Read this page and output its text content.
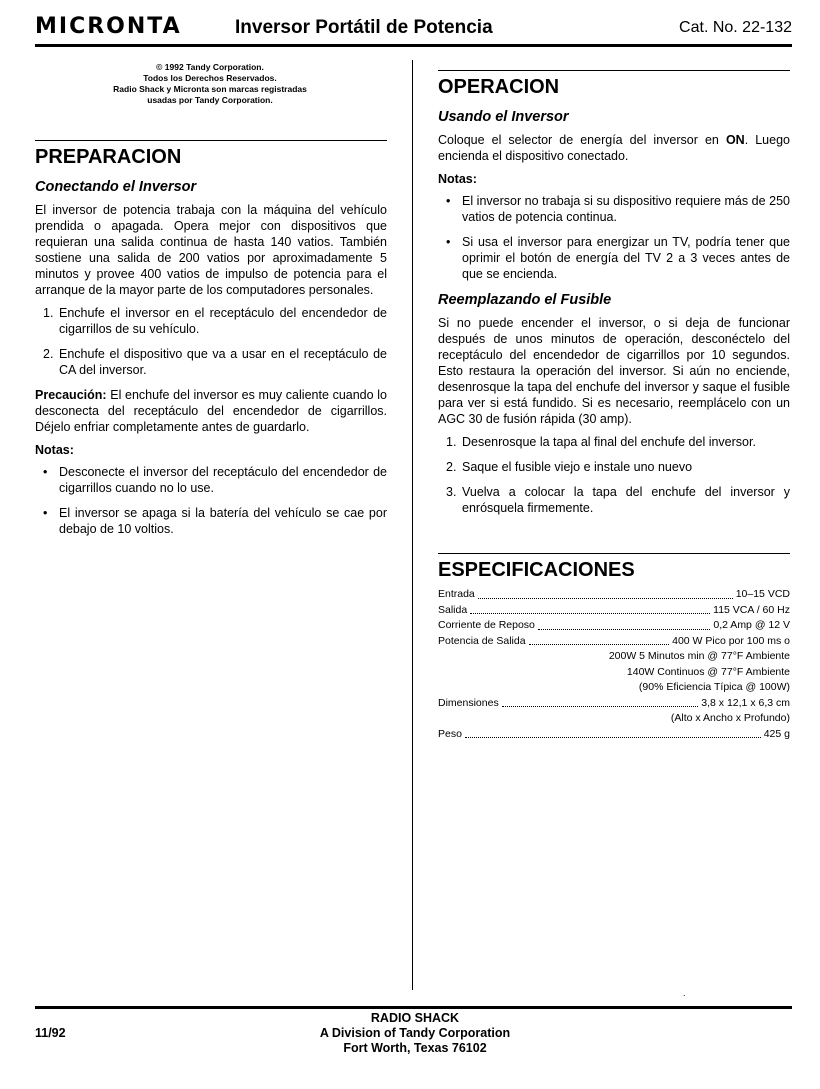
MICRONTA	Inversor Portátil de Potencia	Cat. No. 22-132
© 1992 Tandy Corporation.
Todos los Derechos Reservados.
Radio Shack y Micronta son marcas registradas
usadas por Tandy Corporation.
PREPARACION
Conectando el Inversor

El inversor de potencia trabaja con la máquina del vehículo prendida o apagada. Opera mejor con dispositivos que requieran una salida continua de hasta 140 vatios. También sostiene una salida de 200 vatios por aproximadamente 5 minutos y provee 400 vatios de impulso de potencia para el arranque de la mayor parte de los computadores personales.

1. Enchufe el inversor en el receptáculo del encendedor de cigarrillos de su vehículo.
2. Enchufe el dispositivo que va a usar en el receptáculo de CA del inversor.

Precaución: El enchufe del inversor es muy caliente cuando lo desconecta del receptáculo del encendedor de cigarrillos. Déjelo enfriar completamente antes de guardarlo.

Notas:
• Desconecte el inversor del receptáculo del encendedor de cigarrillos cuando no lo use.
• El inversor se apaga si la batería del vehículo se cae por debajo de 10 voltios.
OPERACION
Usando el Inversor

Coloque el selector de energía del inversor en ON. Luego encienda el dispositivo conectado.

Notas:
• El inversor no trabaja si su dispositivo requiere más de 250 vatios de potencia continua.
• Si usa el inversor para energizar un TV, podría tener que oprimir el botón de energía del TV 2 a 3 veces antes de que se encienda.
Reemplazando el Fusible

Si no puede encender el inversor, o si deja de funcionar después de unos minutos de operación, desconéctelo del receptáculo del encendedor de cigarrillos por 10 segundos. Esto restaura la operación del inversor. Si aún no enciende, desenrosque la tapa del enchufe del inversor y saque el fusible para ver si está fundido. Si es necesario, reemplácelo con un AGC 30 de fusión rápida (30 amp).

1. Desenrosque la tapa al final del enchufe del inversor.
2. Saque el fusible viejo e instale uno nuevo
3. Vuelva a colocar la tapa del enchufe del inversor y enrósquela firmemente.
ESPECIFICACIONES
Entrada	10–15 VCD
Salida	115 VCA / 60 Hz
Corriente de Reposo	0,2 Amp @ 12 V
Potencia de Salida	400 W Pico por 100 ms o
200W 5 Minutos min @ 77°F Ambiente
140W Continuos @ 77°F Ambiente
(90% Eficiencia Típica @ 100W)
Dimensiones	3,8 x 12,1 x 6,3 cm
(Alto x Ancho x Profundo)
Peso	425 g
.
11/92
RADIO SHACK
A Division of Tandy Corporation
Fort Worth, Texas 76102
